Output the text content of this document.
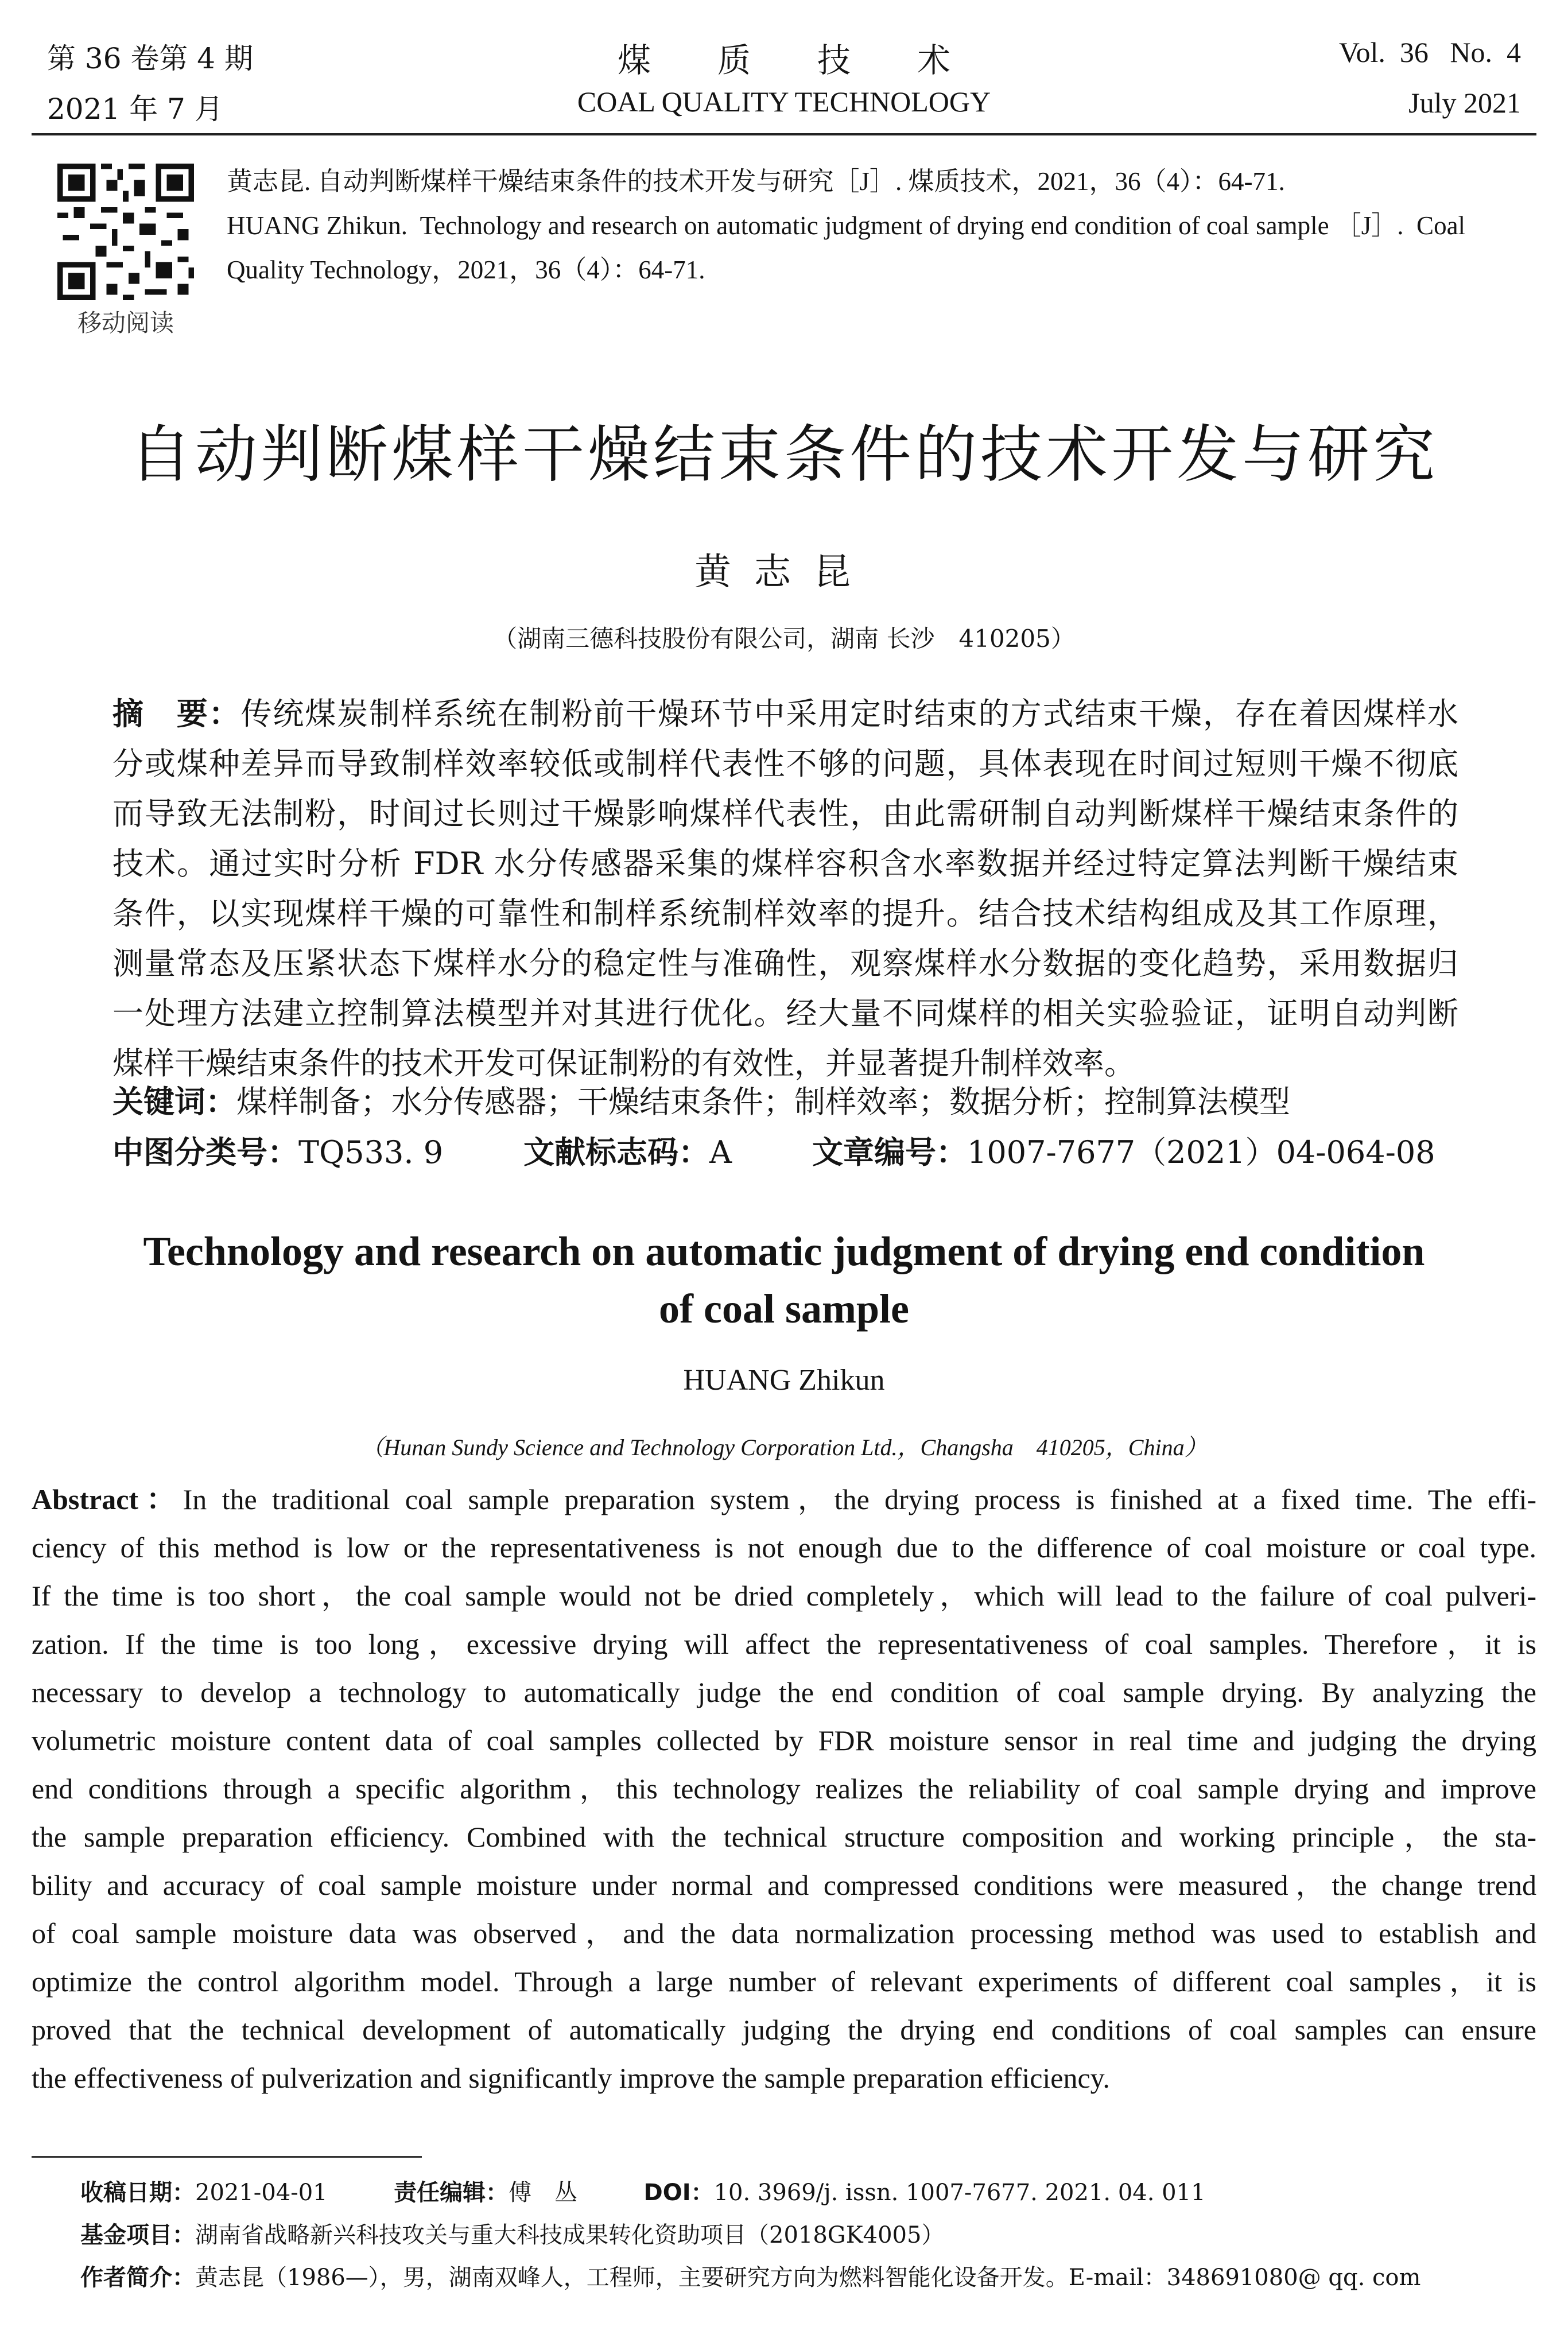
第 36 卷第 4 期
2021 年 7 月
煤　　质　　技　　术
COAL QUALITY TECHNOLOGY
Vol.  36   No.  4
July 2021
移动阅读
黄志昆. 自动判断煤样干燥结束条件的技术开发与研究［J］. 煤质技术，2021，36（4）：64-71.
HUANG Zhikun.  Technology and research on automatic judgment of drying end condition of coal sample ［J］.  Coal
Quality Technology，2021，36（4）：64-71.
自动判断煤样干燥结束条件的技术开发与研究
黄志昆
（湖南三德科技股份有限公司，湖南 长沙　410205）
摘　要：传统煤炭制样系统在制粉前干燥环节中采用定时结束的方式结束干燥，存在着因煤样水
分或煤种差异而导致制样效率较低或制样代表性不够的问题，具体表现在时间过短则干燥不彻底
而导致无法制粉，时间过长则过干燥影响煤样代表性，由此需研制自动判断煤样干燥结束条件的
技术。通过实时分析 FDR 水分传感器采集的煤样容积含水率数据并经过特定算法判断干燥结束
条件，以实现煤样干燥的可靠性和制样系统制样效率的提升。结合技术结构组成及其工作原理，
测量常态及压紧状态下煤样水分的稳定性与准确性，观察煤样水分数据的变化趋势，采用数据归
一处理方法建立控制算法模型并对其进行优化。经大量不同煤样的相关实验验证，证明自动判断
煤样干燥结束条件的技术开发可保证制粉的有效性，并显著提升制样效率。
关键词：煤样制备；水分传感器；干燥结束条件；制样效率；数据分析；控制算法模型
中图分类号：TQ533. 9	文献标志码：A	文章编号：1007-7677（2021）04-064-08
Technology and research on automatic judgment of drying end condition
of coal sample
HUANG Zhikun
（Hunan Sundy Science and Technology Corporation Ltd.，Changsha　410205，China）
Abstract：In the traditional coal sample preparation system，the drying process is finished at a fixed time. The effi-
ciency of this method is low or the representativeness is not enough due to the difference of coal moisture or coal type.
If the time is too short，the coal sample would not be dried completely，which will lead to the failure of coal pulveri-
zation. If the time is too long，excessive drying will affect the representativeness of coal samples. Therefore，it is
necessary to develop a technology to automatically judge the end condition of coal sample drying. By analyzing the
volumetric moisture content data of coal samples collected by FDR moisture sensor in real time and judging the drying
end conditions through a specific algorithm，this technology realizes the reliability of coal sample drying and improve
the sample preparation efficiency. Combined with the technical structure composition and working principle，the sta-
bility and accuracy of coal sample moisture under normal and compressed conditions were measured，the change trend
of coal sample moisture data was observed，and the data normalization processing method was used to establish and
optimize the control algorithm model. Through a large number of relevant experiments of different coal samples，it is
proved that the technical development of automatically judging the drying end conditions of coal samples can ensure
the effectiveness of pulverization and significantly improve the sample preparation efficiency.
收稿日期：2021-04-01	责任编辑：傅　丛	DOI：10. 3969/j. issn. 1007-7677. 2021. 04. 011
基金项目：湖南省战略新兴科技攻关与重大科技成果转化资助项目（2018GK4005）
作者简介：黄志昆（1986—），男，湖南双峰人，工程师，主要研究方向为燃料智能化设备开发。E-mail：348691080@ qq. com
